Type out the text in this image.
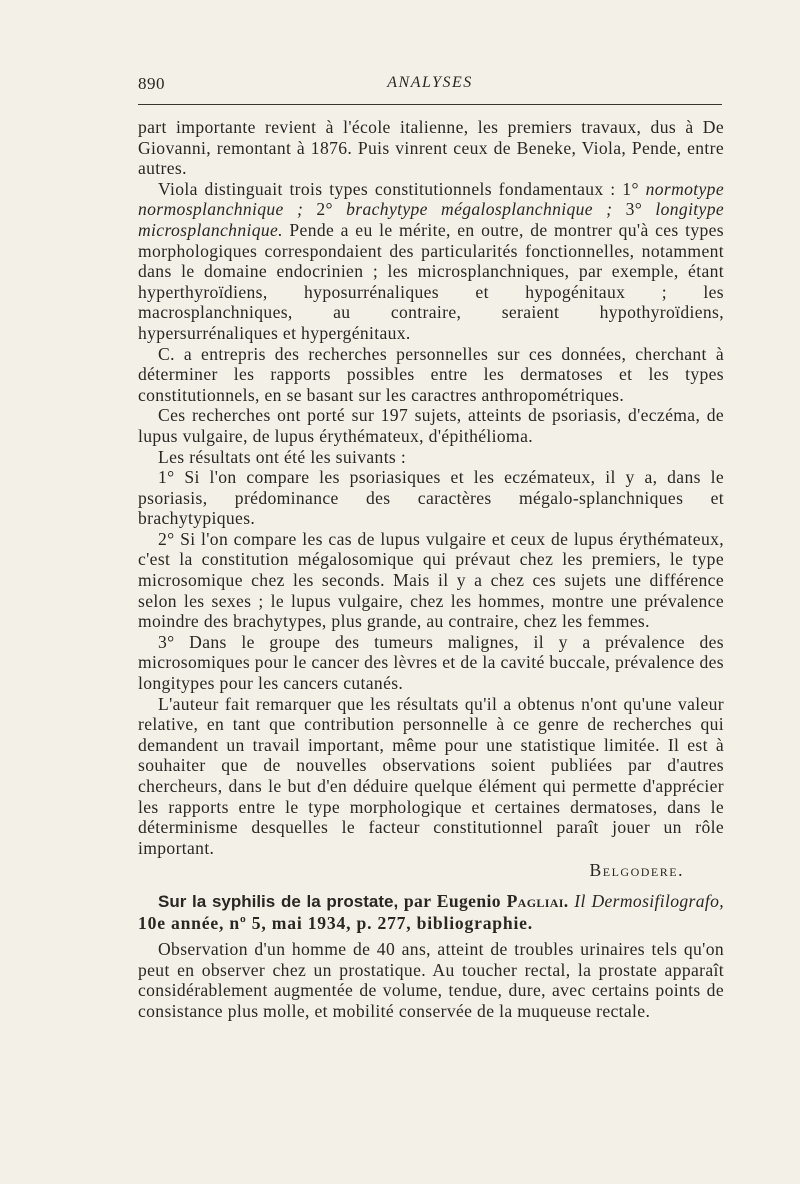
890	ANALYSES

part importante revient à l'école italienne, les premiers travaux, dus à De Giovanni, remontant à 1876. Puis vinrent ceux de Beneke, Viola, Pende, entre autres.

Viola distinguait trois types constitutionnels fondamentaux : 1° normotype normosplanchnique ; 2° brachytype mégalosplanchnique ; 3° longitype microsplanchnique. Pende a eu le mérite, en outre, de montrer qu'à ces types morphologiques correspondaient des particularités fonctionnelles, notamment dans le domaine endocrinien ; les microsplanchniques, par exemple, étant hyperthyroïdiens, hyposurrénaliques et hypogénitaux ; les macrosplanchniques, au contraire, seraient hypothyroïdiens, hypersurrénaliques et hypergénitaux.

C. a entrepris des recherches personnelles sur ces données, cherchant à déterminer les rapports possibles entre les dermatoses et les types constitutionnels, en se basant sur les caractres anthropométriques.

Ces recherches ont porté sur 197 sujets, atteints de psoriasis, d'eczéma, de lupus vulgaire, de lupus érythémateux, d'épithélioma.

Les résultats ont été les suivants :

1° Si l'on compare les psoriasiques et les eczémateux, il y a, dans le psoriasis, prédominance des caractères mégalo-splanchniques et brachytypiques.

2° Si l'on compare les cas de lupus vulgaire et ceux de lupus érythémateux, c'est la constitution mégalosomique qui prévaut chez les premiers, le type microsomique chez les seconds. Mais il y a chez ces sujets une différence selon les sexes ; le lupus vulgaire, chez les hommes, montre une prévalence moindre des brachytypes, plus grande, au contraire, chez les femmes.

3° Dans le groupe des tumeurs malignes, il y a prévalence des microsomiques pour le cancer des lèvres et de la cavité buccale, prévalence des longitypes pour les cancers cutanés.

L'auteur fait remarquer que les résultats qu'il a obtenus n'ont qu'une valeur relative, en tant que contribution personnelle à ce genre de recherches qui demandent un travail important, même pour une statistique limitée. Il est à souhaiter que de nouvelles observations soient publiées par d'autres chercheurs, dans le but d'en déduire quelque élément qui permette d'apprécier les rapports entre le type morphologique et certaines dermatoses, dans le déterminisme desquelles le facteur constitutionnel paraît jouer un rôle important.

Belgodere.

Sur la syphilis de la prostate, par Eugenio Pagliai. Il Dermosifilografo, 10e année, nº 5, mai 1934, p. 277, bibliographie.

Observation d'un homme de 40 ans, atteint de troubles urinaires tels qu'on peut en observer chez un prostatique. Au toucher rectal, la prostate apparaît considérablement augmentée de volume, tendue, dure, avec certains points de consistance plus molle, et mobilité conservée de la muqueuse rectale.
